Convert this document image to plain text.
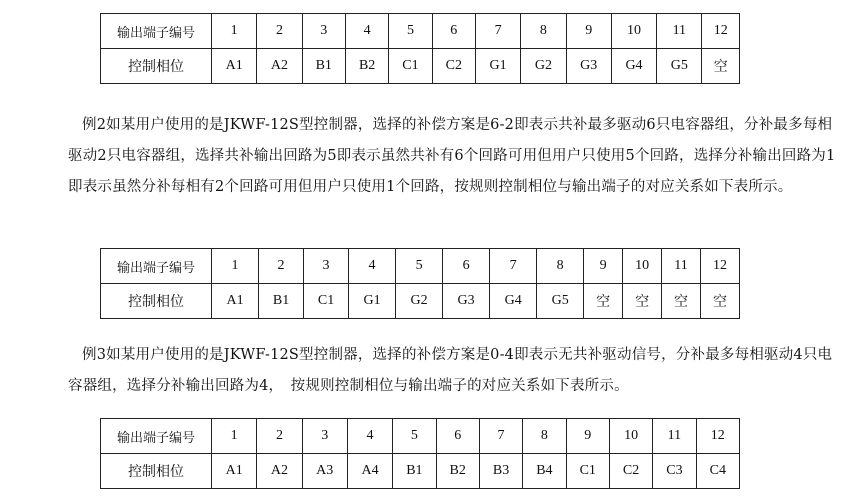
输出端子编号	1	2	3	4	5	6	7	8	9	10	11	12
控制相位	A1	A2	B1	B2	C1	C2	G1	G2	G3	G4	G5	空

例2如某用户使用的是JKWF-12S型控制器，选择的补偿方案是6-2即表示共补最多驱动6只电容器组，分补最多每相驱动2只电容器组，选择共补输出回路为5即表示虽然共补有6个回路可用但用户只使用5个回路，选择分补输出回路为1即表示虽然分补每相有2个回路可用但用户只使用1个回路，按规则控制相位与输出端子的对应关系如下表所示。

输出端子编号	1	2	3	4	5	6	7	8	9	10	11	12
控制相位	A1	B1	C1	G1	G2	G3	G4	G5	空	空	空	空

例3如某用户使用的是JKWF-12S型控制器，选择的补偿方案是0-4即表示无共补驱动信号，分补最多每相驱动4只电容器组，选择分补输出回路为4，　按规则控制相位与输出端子的对应关系如下表所示。

输出端子编号	1	2	3	4	5	6	7	8	9	10	11	12
控制相位	A1	A2	A3	A4	B1	B2	B3	B4	C1	C2	C3	C4
